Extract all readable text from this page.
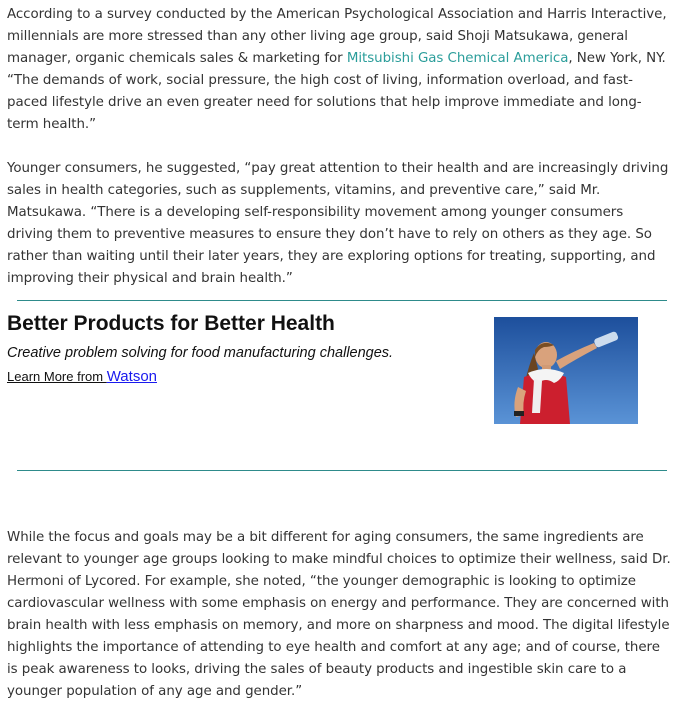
According to a survey conducted by the American Psychological Association and Harris Interactive, millennials are more stressed than any other living age group, said Shoji Matsukawa, general manager, organic chemicals sales & marketing for Mitsubishi Gas Chemical America, New York, NY. “The demands of work, social pressure, the high cost of living, information overload, and fast-paced lifestyle drive an even greater need for solutions that help improve immediate and long-term health.”

Younger consumers, he suggested, “pay great attention to their health and are increasingly driving sales in health categories, such as supplements, vitamins, and preventive care,” said Mr. Matsukawa. “There is a developing self-responsibility movement among younger consumers driving them to preventive measures to ensure they don’t have to rely on others as they age. So rather than waiting until their later years, they are exploring options for treating, supporting, and improving their physical and brain health.”

While the focus and goals may be a bit different for aging consumers, the same ingredients are relevant to younger age groups looking to make mindful choices to optimize their wellness, said Dr. Hermoni of Lycored. For example, she noted, “the younger demographic is looking to optimize cardiovascular wellness with some emphasis on energy and performance. They are concerned with brain health with less emphasis on memory, and more on sharpness and mood. The digital lifestyle highlights the importance of attending to eye health and comfort at any age; and of course, there is peak awareness to looks, driving the sales of beauty products and ingestible skin care to a younger population of any age and gender.”

Better Products for Better Health
Creative problem solving for food manufacturing challenges.
Learn More from Watson
